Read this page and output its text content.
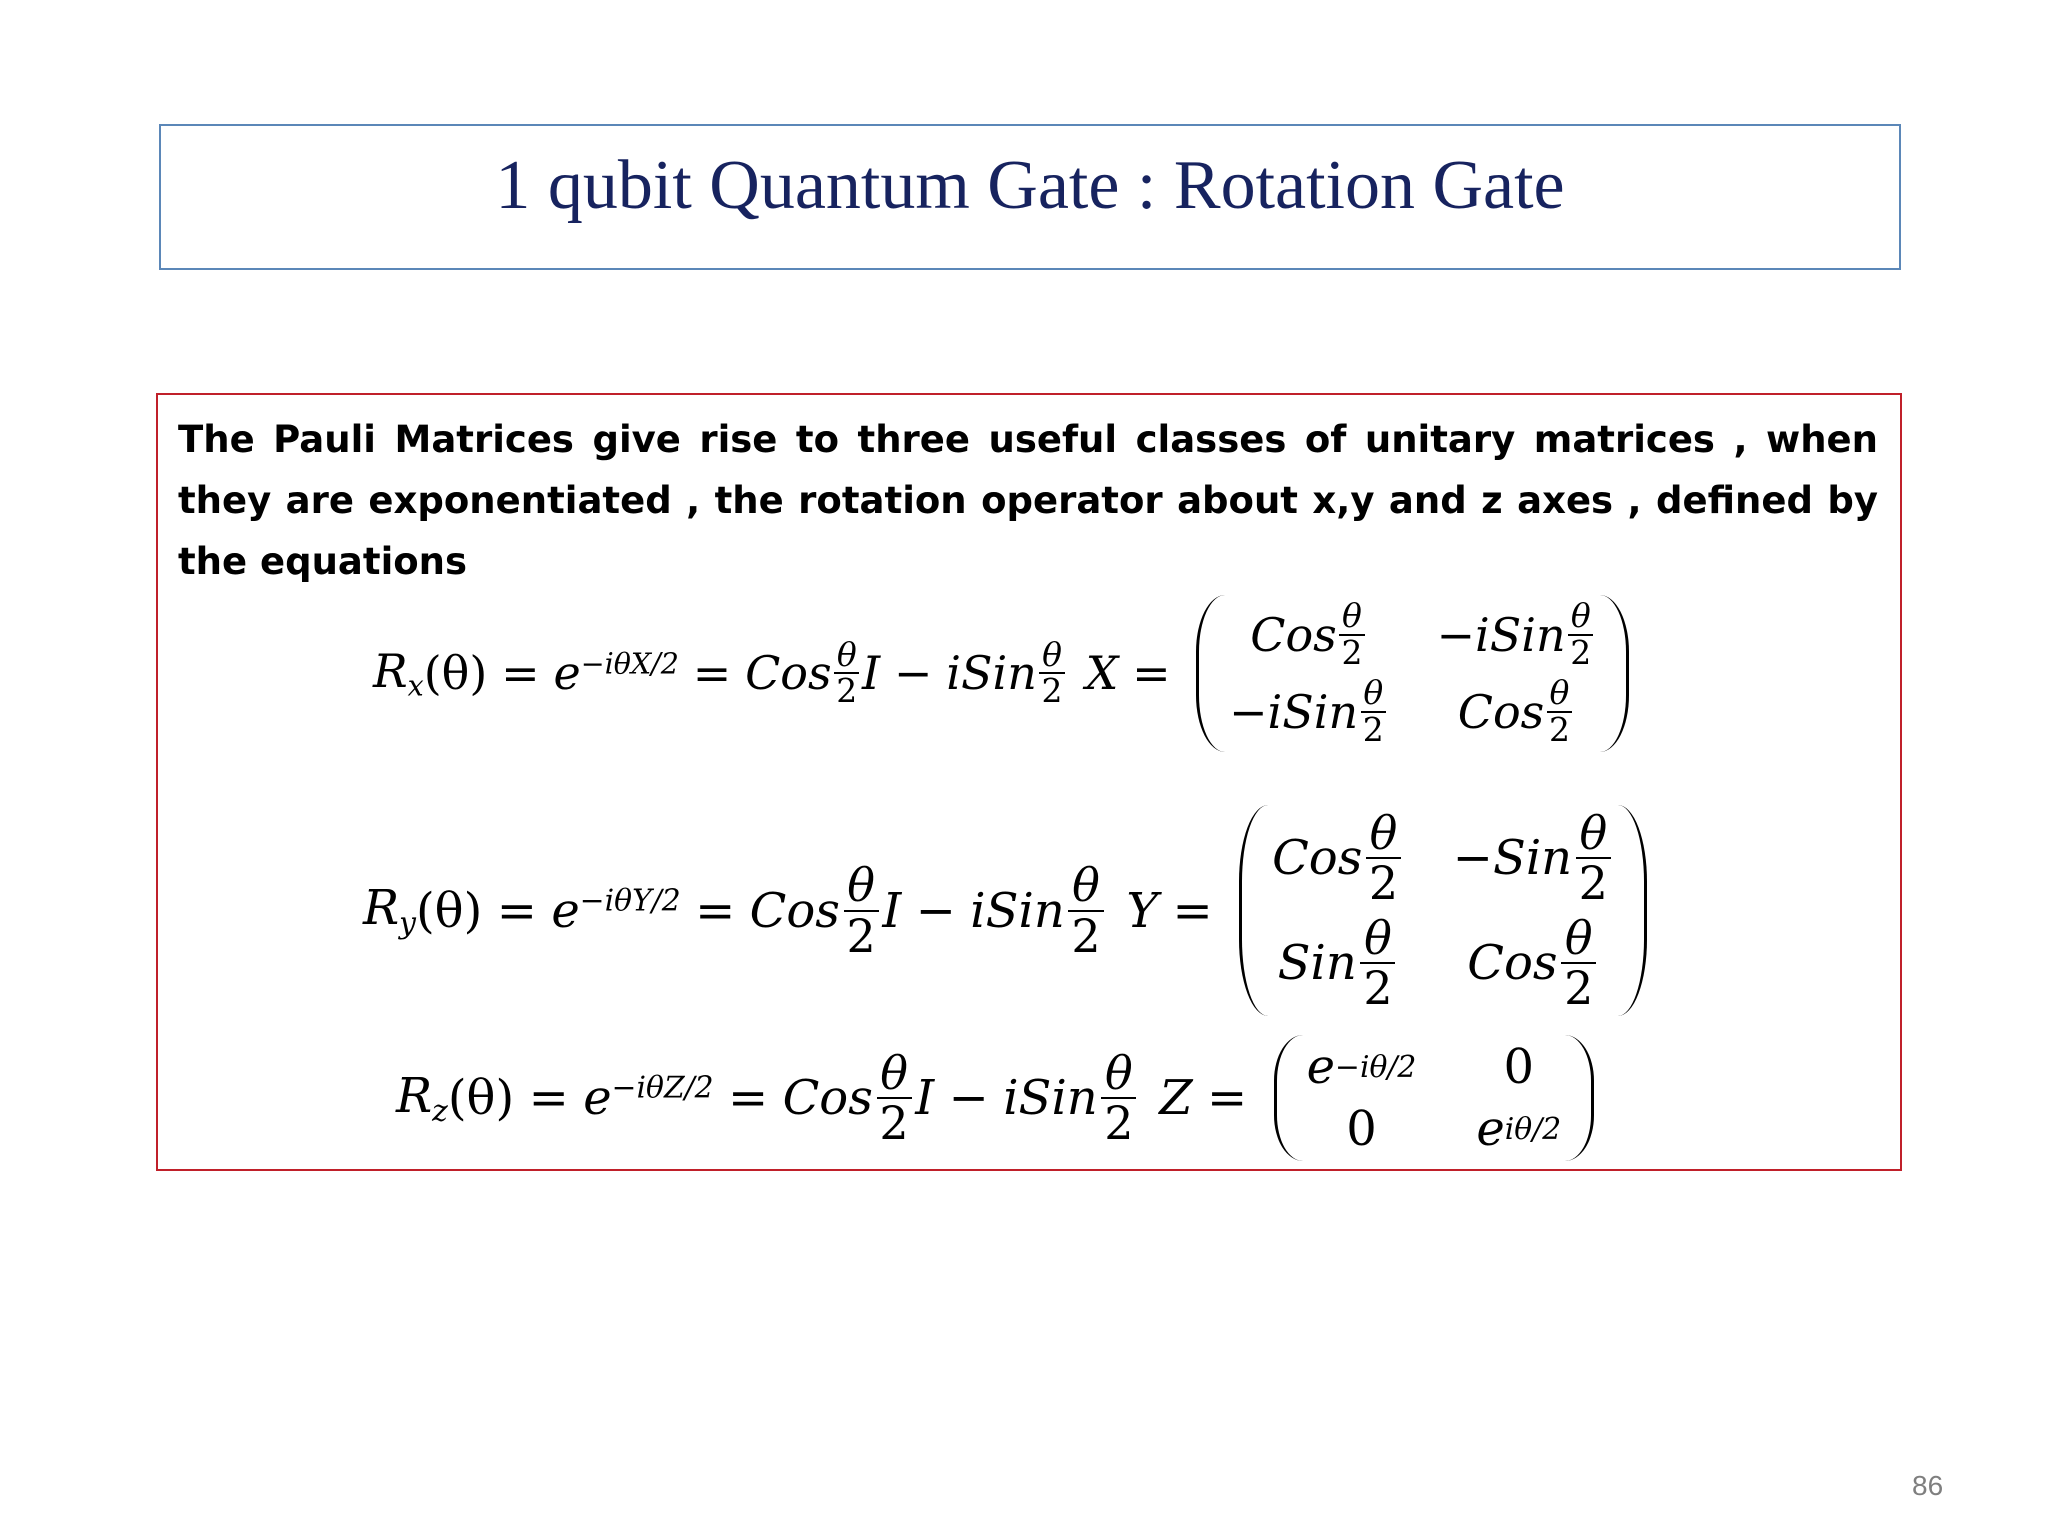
1 qubit Quantum Gate : Rotation Gate
The Pauli Matrices give rise to three useful classes of unitary matrices , when they are exponentiated , the rotation operator about x,y and z axes , defined by the equations
$R_x$ $(\theta) = e^{-i\theta X/2}$ = Cos $\frac{\theta}{2}$ I − iSin $\frac{\theta}{2}$ X =
Cos $\frac{\theta}{2}$ −iSin $\frac{\theta}{2}$
−iSin $\frac{\theta}{2}$ Cos $\frac{\theta}{2}$
$R_y$ $(\theta) = e^{-i\theta Y/2}$ = Cos $\frac{\theta}{2}$ I − iSin $\frac{\theta}{2}$ Y =
Cos $\frac{\theta}{2} -Sin \frac{\theta}{2}$
Sin $\frac{\theta}{2}$ Cos $\frac{\theta}{2}$
$R_z$ $(\theta) = e^{-i\theta Z/2}$ = Cos $\frac{\theta}{2}$ I − iSin $\frac{\theta}{2}$ Z =
e −iθ/2	0
0	e iθ/2
86
